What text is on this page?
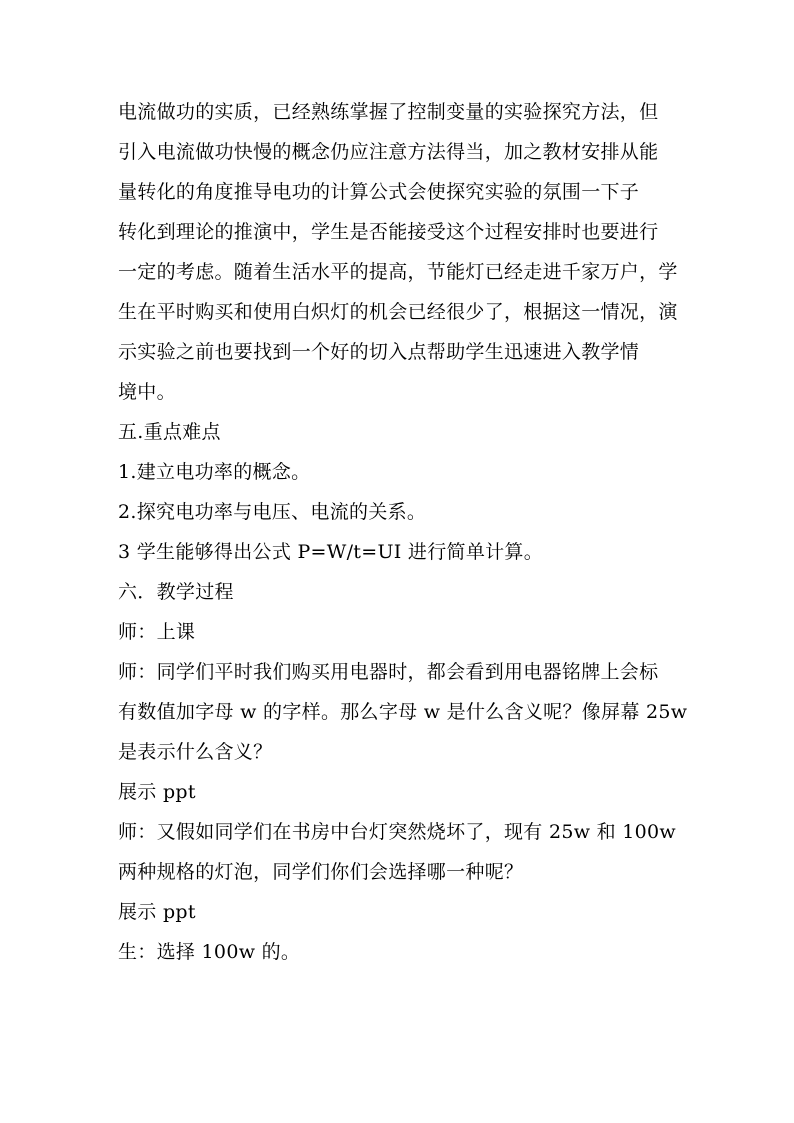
电流做功的实质，已经熟练掌握了控制变量的实验探究方法，但
引入电流做功快慢的概念仍应注意方法得当，加之教材安排从能
量转化的角度推导电功的计算公式会使探究实验的氛围一下子
转化到理论的推演中，学生是否能接受这个过程安排时也要进行
一定的考虑。随着生活水平的提高，节能灯已经走进千家万户，学
生在平时购买和使用白炽灯的机会已经很少了，根据这一情况，演
示实验之前也要找到一个好的切入点帮助学生迅速进入教学情
境中。
五.重点难点
1.建立电功率的概念。
2.探究电功率与电压、电流的关系。
3 学生能够得出公式 P=W/t=UI 进行简单计算。
六．教学过程
师：上课
师：同学们平时我们购买用电器时，都会看到用电器铭牌上会标
有数值加字母 w 的字样。那么字母 w 是什么含义呢？像屏幕 25w
是表示什么含义？
展示 ppt
师：又假如同学们在书房中台灯突然烧坏了，现有 25w 和 100w
两种规格的灯泡，同学们你们会选择哪一种呢？
展示 ppt
生：选择 100w 的。
